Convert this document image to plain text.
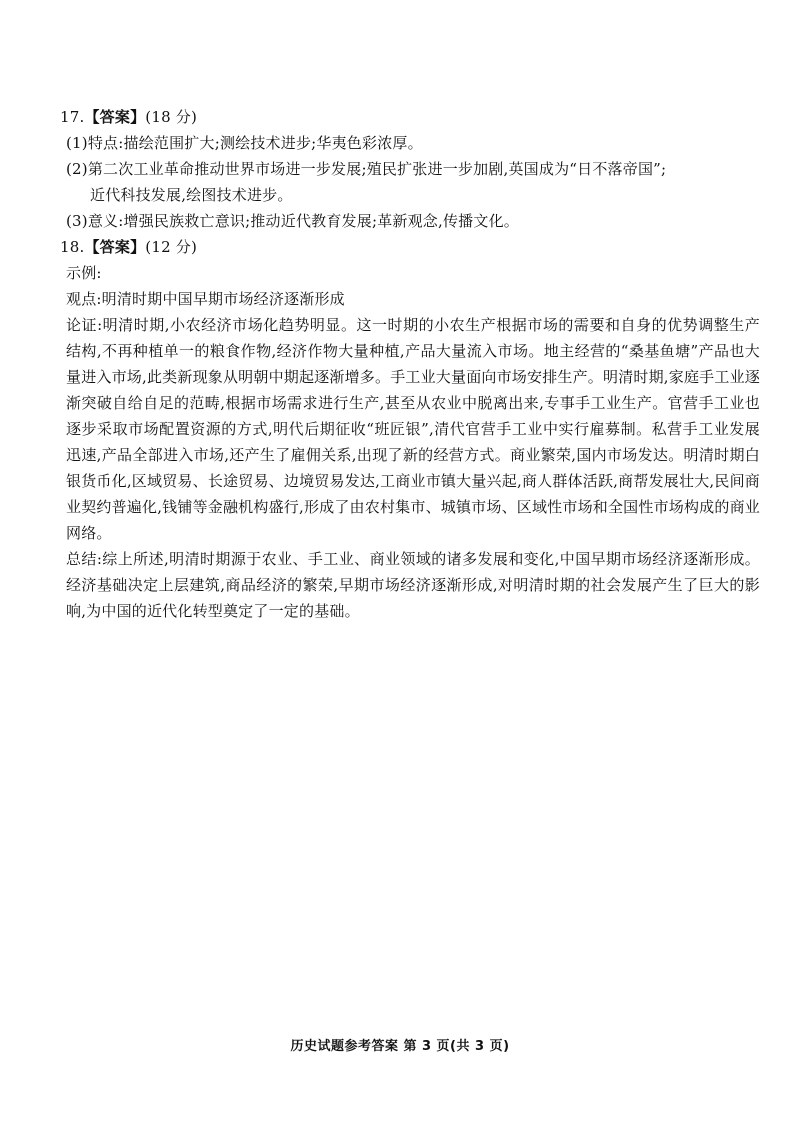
17.【答案】(18 分)

(1)特点:描绘范围扩大;测绘技术进步;华夷色彩浓厚。

(2)第二次工业革命推动世界市场进一步发展;殖民扩张进一步加剧,英国成为“日不落帝国”;

近代科技发展,绘图技术进步。

(3)意义:增强民族救亡意识;推动近代教育发展;革新观念,传播文化。

18.【答案】(12 分)

示例:

观点:明清时期中国早期市场经济逐渐形成

论证:明清时期,小农经济市场化趋势明显。这一时期的小农生产根据市场的需要和自身的优势调整生产结构,不再种植单一的粮食作物,经济作物大量种植,产品大量流入市场。地主经营的“桑基鱼塘”产品也大量进入市场,此类新现象从明朝中期起逐渐增多。手工业大量面向市场安排生产。明清时期,家庭手工业逐渐突破自给自足的范畴,根据市场需求进行生产,甚至从农业中脱离出来,专事手工业生产。官营手工业也逐步采取市场配置资源的方式,明代后期征收“班匠银”,清代官营手工业中实行雇募制。私营手工业发展迅速,产品全部进入市场,还产生了雇佣关系,出现了新的经营方式。商业繁荣,国内市场发达。明清时期白银货币化,区域贸易、长途贸易、边境贸易发达,工商业市镇大量兴起,商人群体活跃,商帮发展壮大,民间商业契约普遍化,钱铺等金融机构盛行,形成了由农村集市、城镇市场、区域性市场和全国性市场构成的商业网络。

总结:综上所述,明清时期源于农业、手工业、商业领域的诸多发展和变化,中国早期市场经济逐渐形成。经济基础决定上层建筑,商品经济的繁荣,早期市场经济逐渐形成,对明清时期的社会发展产生了巨大的影响,为中国的近代化转型奠定了一定的基础。

历史试题参考答案 第 3 页(共 3 页)
